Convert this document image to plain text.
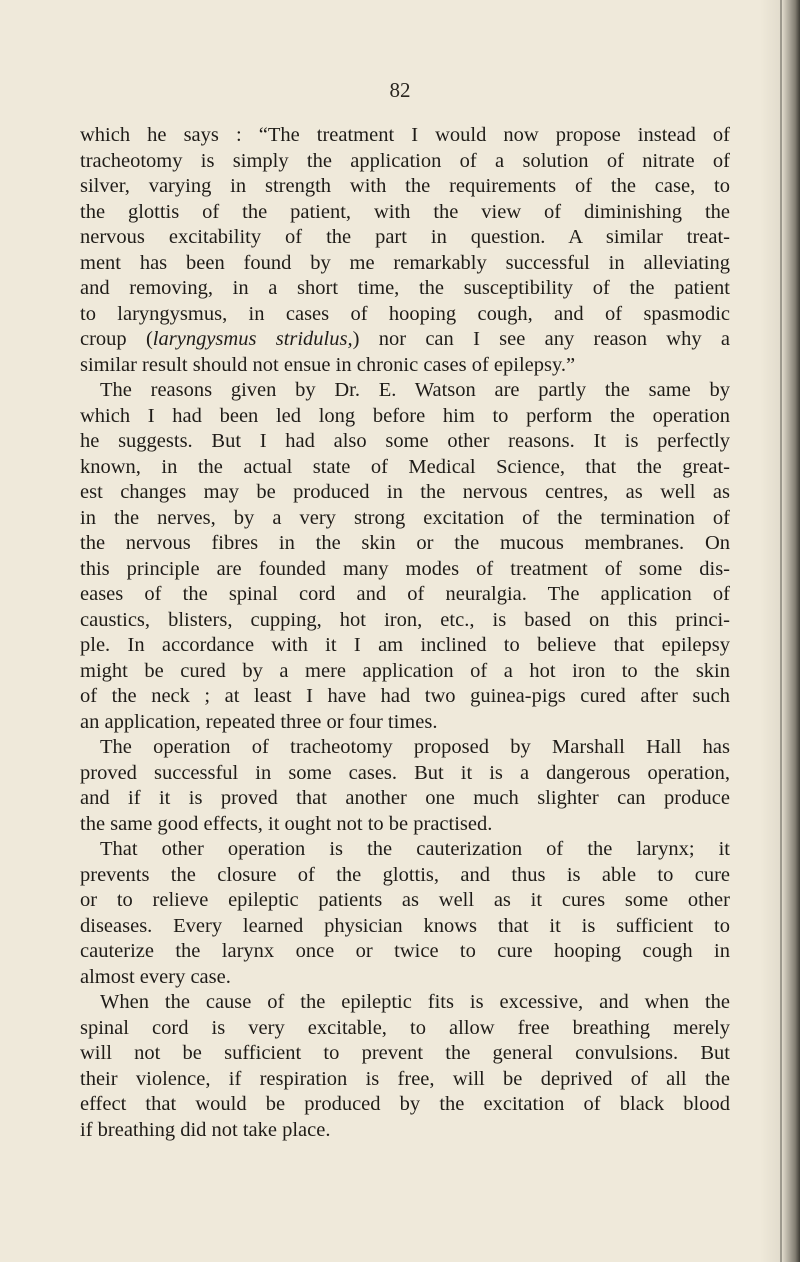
82
which he says : “The treatment I would now propose instead of
tracheotomy is simply the application of a solution of nitrate of
silver, varying in strength with the requirements of the case, to
the glottis of the patient, with the view of diminishing the
nervous excitability of the part in question. A similar treat-
ment has been found by me remarkably successful in alleviating
and removing, in a short time, the susceptibility of the patient
to laryngysmus, in cases of hooping cough, and of spasmodic
croup (laryngysmus stridulus,) nor can I see any reason why a
similar result should not ensue in chronic cases of epilepsy.”
The reasons given by Dr. E. Watson are partly the same by
which I had been led long before him to perform the operation
he suggests. But I had also some other reasons. It is perfectly
known, in the actual state of Medical Science, that the great-
est changes may be produced in the nervous centres, as well as
in the nerves, by a very strong excitation of the termination of
the nervous fibres in the skin or the mucous membranes. On
this principle are founded many modes of treatment of some dis-
eases of the spinal cord and of neuralgia. The application of
caustics, blisters, cupping, hot iron, etc., is based on this princi-
ple. In accordance with it I am inclined to believe that epilepsy
might be cured by a mere application of a hot iron to the skin
of the neck ; at least I have had two guinea-pigs cured after such
an application, repeated three or four times.
The operation of tracheotomy proposed by Marshall Hall has
proved successful in some cases. But it is a dangerous operation,
and if it is proved that another one much slighter can produce
the same good effects, it ought not to be practised.
That other operation is the cauterization of the larynx; it
prevents the closure of the glottis, and thus is able to cure
or to relieve epileptic patients as well as it cures some other
diseases. Every learned physician knows that it is sufficient to
cauterize the larynx once or twice to cure hooping cough in
almost every case.
When the cause of the epileptic fits is excessive, and when the
spinal cord is very excitable, to allow free breathing merely
will not be sufficient to prevent the general convulsions. But
their violence, if respiration is free, will be deprived of all the
effect that would be produced by the excitation of black blood
if breathing did not take place.
